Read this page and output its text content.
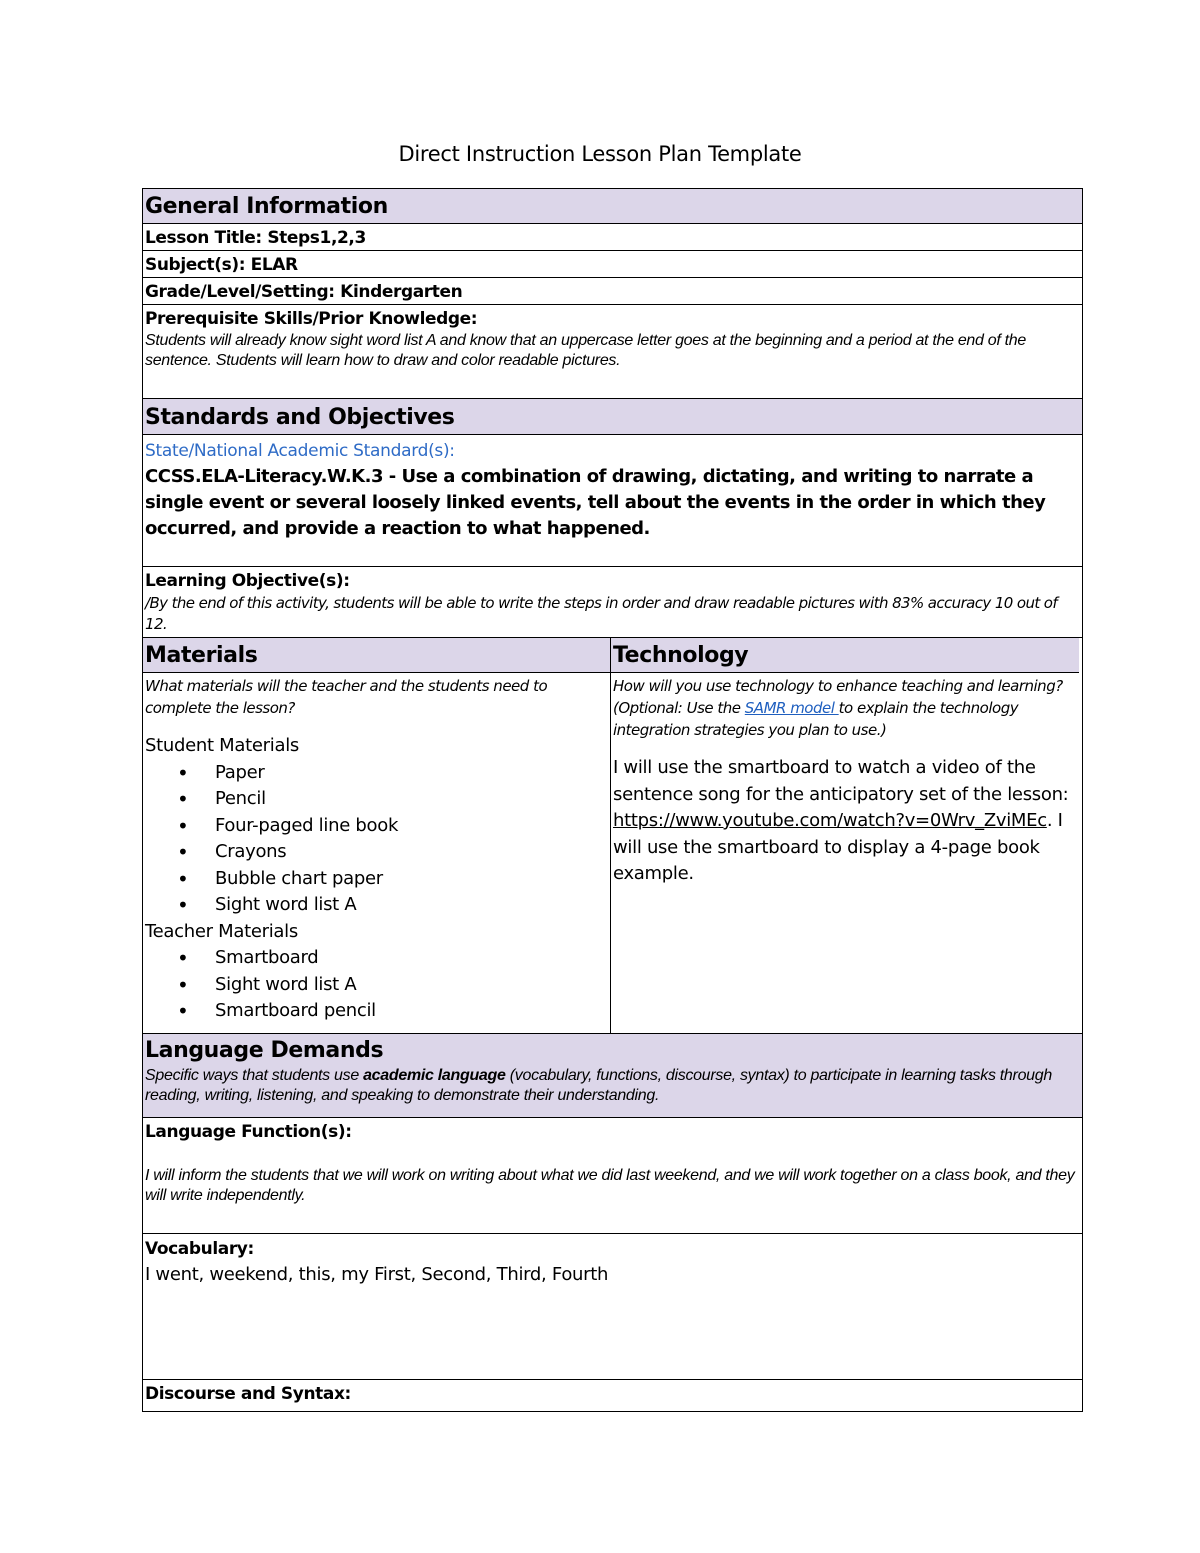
Direct Instruction Lesson Plan Template
General Information
Lesson Title: Steps1,2,3
Subject(s): ELAR
Grade/Level/Setting: Kindergarten
Prerequisite Skills/Prior Knowledge:
Students will already know sight word list A and know that an uppercase letter goes at the beginning and a period at the end of the sentence. Students will learn how to draw and color readable pictures.
Standards and Objectives
State/National Academic Standard(s):
CCSS.ELA-Literacy.W.K.3 - Use a combination of drawing, dictating, and writing to narrate a single event or several loosely linked events, tell about the events in the order in which they occurred, and provide a reaction to what happened.
Learning Objective(s):
/By the end of this activity, students will be able to write the steps in order and draw readable pictures with 83% accuracy 10 out of 12.
Materials
What materials will the teacher and the students need to complete the lesson?
Student Materials
• Paper
• Pencil
• Four-paged line book
• Crayons
• Bubble chart paper
• Sight word list A
Teacher Materials
• Smartboard
• Sight word list A
• Smartboard pencil
Technology
How will you use technology to enhance teaching and learning? (Optional: Use the SAMR model to explain the technology integration strategies you plan to use.)
I will use the smartboard to watch a video of the sentence song for the anticipatory set of the lesson: https://www.youtube.com/watch?v=0Wrv_ZviMEc. I will use the smartboard to display a 4-page book example.
Language Demands
Specific ways that students use academic language (vocabulary, functions, discourse, syntax) to participate in learning tasks through reading, writing, listening, and speaking to demonstrate their understanding.
Language Function(s):
I will inform the students that we will work on writing about what we did last weekend, and we will work together on a class book, and they will write independently.
Vocabulary:
I went, weekend, this, my First, Second, Third, Fourth
Discourse and Syntax:
